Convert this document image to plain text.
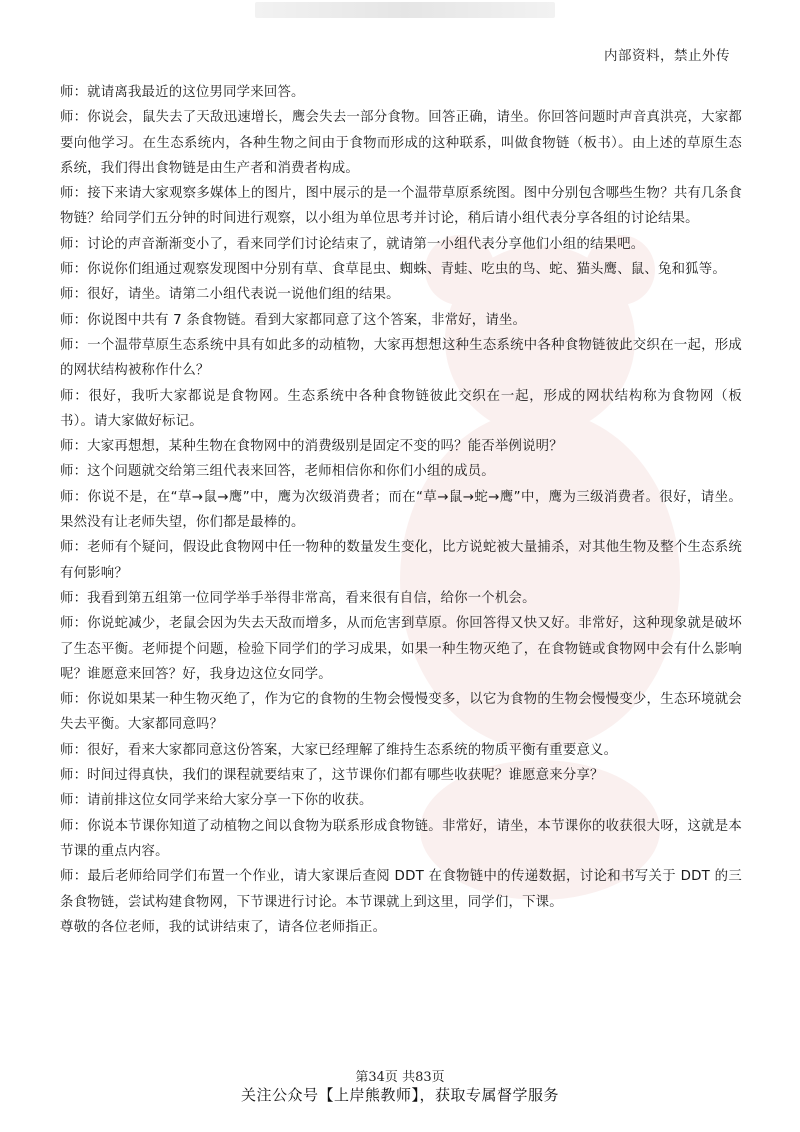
内部资料，禁止外传

师：就请离我最近的这位男同学来回答。

师：你说会，鼠失去了天敌迅速增长，鹰会失去一部分食物。回答正确，请坐。你回答问题时声音真洪亮，大家都要向他学习。在生态系统内，各种生物之间由于食物而形成的这种联系，叫做食物链（板书）。由上述的草原生态系统，我们得出食物链是由生产者和消费者构成。

师：接下来请大家观察多媒体上的图片，图中展示的是一个温带草原系统图。图中分别包含哪些生物？共有几条食物链？给同学们五分钟的时间进行观察，以小组为单位思考并讨论，稍后请小组代表分享各组的讨论结果。

师：讨论的声音渐渐变小了，看来同学们讨论结束了，就请第一小组代表分享他们小组的结果吧。

师：你说你们组通过观察发现图中分别有草、食草昆虫、蜘蛛、青蛙、吃虫的鸟、蛇、猫头鹰、鼠、兔和狐等。

师：很好，请坐。请第二小组代表说一说他们组的结果。

师：你说图中共有 7 条食物链。看到大家都同意了这个答案，非常好，请坐。

师：一个温带草原生态系统中具有如此多的动植物，大家再想想这种生态系统中各种食物链彼此交织在一起，形成的网状结构被称作什么？

师：很好，我听大家都说是食物网。生态系统中各种食物链彼此交织在一起，形成的网状结构称为食物网（板书）。请大家做好标记。

师：大家再想想，某种生物在食物网中的消费级别是固定不变的吗？能否举例说明？

师：这个问题就交给第三组代表来回答，老师相信你和你们小组的成员。

师：你说不是，在“草→鼠→鹰”中，鹰为次级消费者；而在“草→鼠→蛇→鹰”中，鹰为三级消费者。很好，请坐。果然没有让老师失望，你们都是最棒的。

师：老师有个疑问，假设此食物网中任一物种的数量发生变化，比方说蛇被大量捕杀，对其他生物及整个生态系统有何影响？

师：我看到第五组第一位同学举手举得非常高，看来很有自信，给你一个机会。

师：你说蛇减少，老鼠会因为失去天敌而增多，从而危害到草原。你回答得又快又好。非常好，这种现象就是破坏了生态平衡。老师提个问题，检验下同学们的学习成果，如果一种生物灭绝了，在食物链或食物网中会有什么影响呢？谁愿意来回答？好，我身边这位女同学。

师：你说如果某一种生物灭绝了，作为它的食物的生物会慢慢变多，以它为食物的生物会慢慢变少，生态环境就会失去平衡。大家都同意吗？

师：很好，看来大家都同意这份答案，大家已经理解了维持生态系统的物质平衡有重要意义。

师：时间过得真快，我们的课程就要结束了，这节课你们都有哪些收获呢？谁愿意来分享？

师：请前排这位女同学来给大家分享一下你的收获。

师：你说本节课你知道了动植物之间以食物为联系形成食物链。非常好，请坐，本节课你的收获很大呀，这就是本节课的重点内容。

师：最后老师给同学们布置一个作业，请大家课后查阅 DDT 在食物链中的传递数据，讨论和书写关于 DDT 的三条食物链，尝试构建食物网，下节课进行讨论。本节课就上到这里，同学们，下课。

尊敬的各位老师，我的试讲结束了，请各位老师指正。

第34页 共83页
关注公众号【上岸熊教师】，获取专属督学服务
